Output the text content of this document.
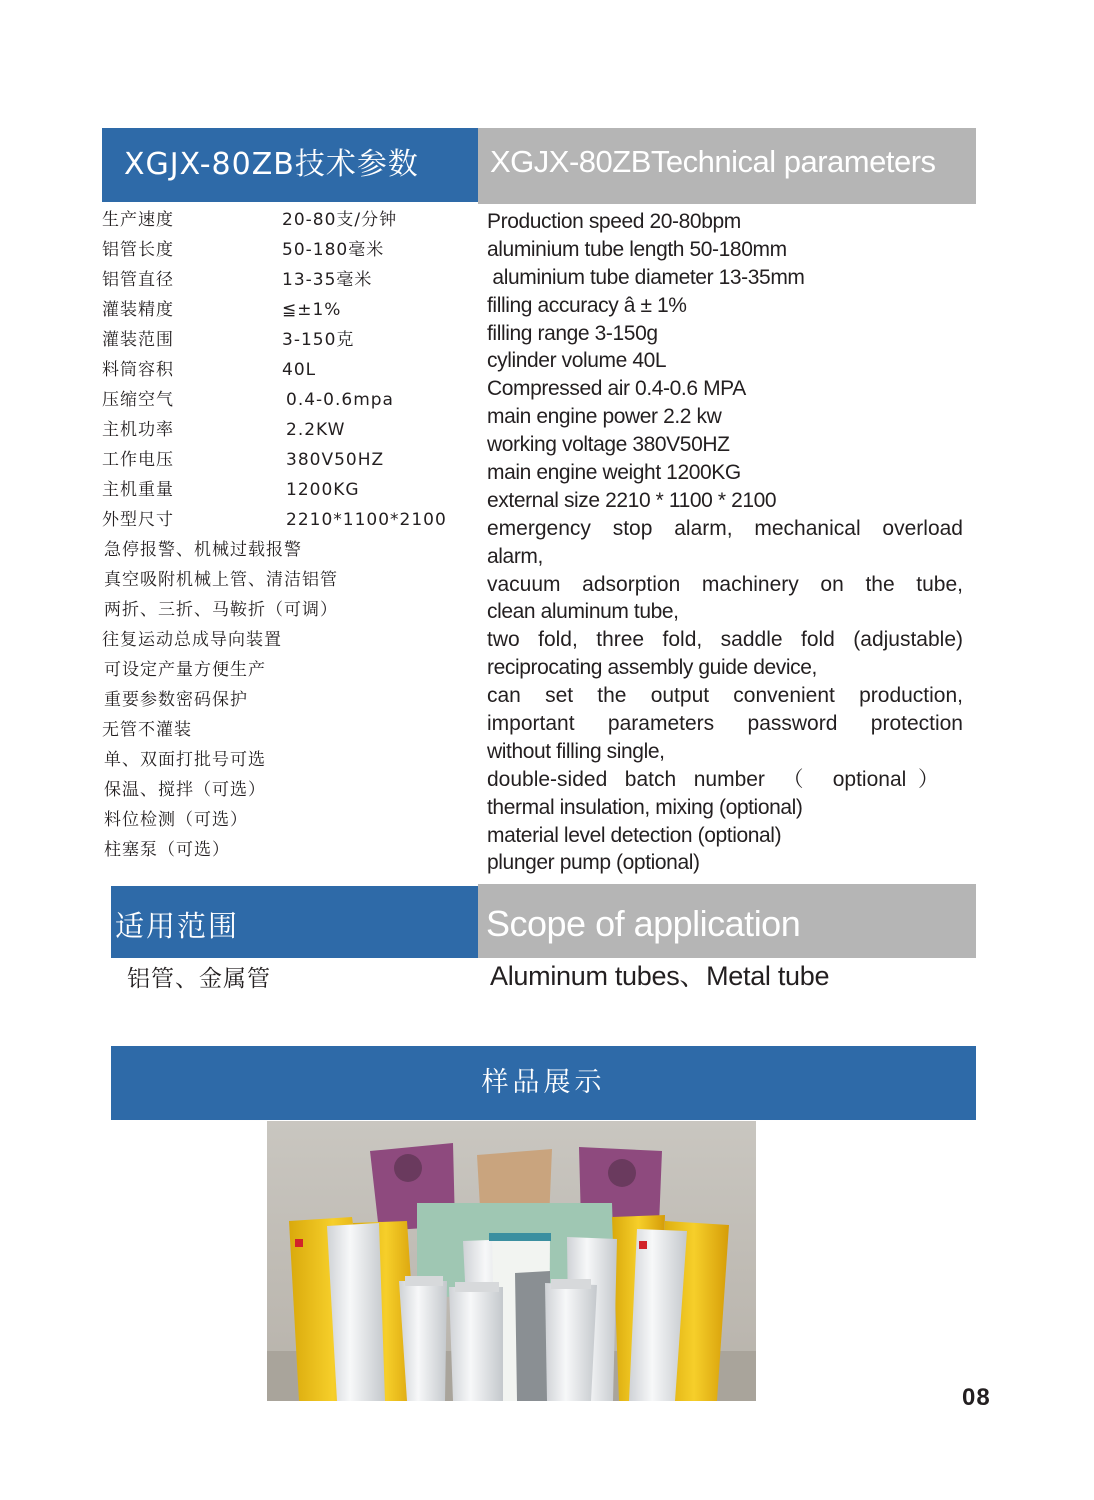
XGJX-80ZB技术参数	XGJX-80ZBTechnical parameters
生产速度	20-80支/分钟
铝管长度	50-180毫米
铝管直径	13-35毫米
灌装精度	≦±1%
灌装范围	3-150克
料筒容积	40L
压缩空气	0.4-0.6mpa
主机功率	2.2KW
工作电压	380V50HZ
主机重量	1200KG
外型尺寸	2210*1100*2100
急停报警、机械过载报警
真空吸附机械上管、清洁铝管
两折、三折、马鞍折（可调）
往复运动总成导向装置
可设定产量方便生产
重要参数密码保护
无管不灌装
单、双面打批号可选
保温、搅拌（可选）
料位检测（可选）
柱塞泵（可选）
Production speed 20-80bpm
aluminium tube length 50-180mm
aluminium tube diameter 13-35mm
filling accuracy â ± 1%
filling range 3-150g
cylinder volume 40L
Compressed air 0.4-0.6 MPA
main engine power 2.2 kw
working voltage 380V50HZ
main engine weight 1200KG
external size 2210 * 1100 * 2100
emergency stop alarm, mechanical overload
alarm,
vacuum adsorption machinery on the tube,
clean aluminum tube,
two fold, three fold, saddle fold (adjustable)
reciprocating assembly guide device,
can set the output convenient production,
important parameters password protection
without filling single,
double-sided batch number （ optional）
thermal insulation, mixing (optional)
material level detection (optional)
plunger pump (optional)
适用范围	Scope of application
铝管、金属管	Aluminum tubes、Metal tube
样品展示
08
